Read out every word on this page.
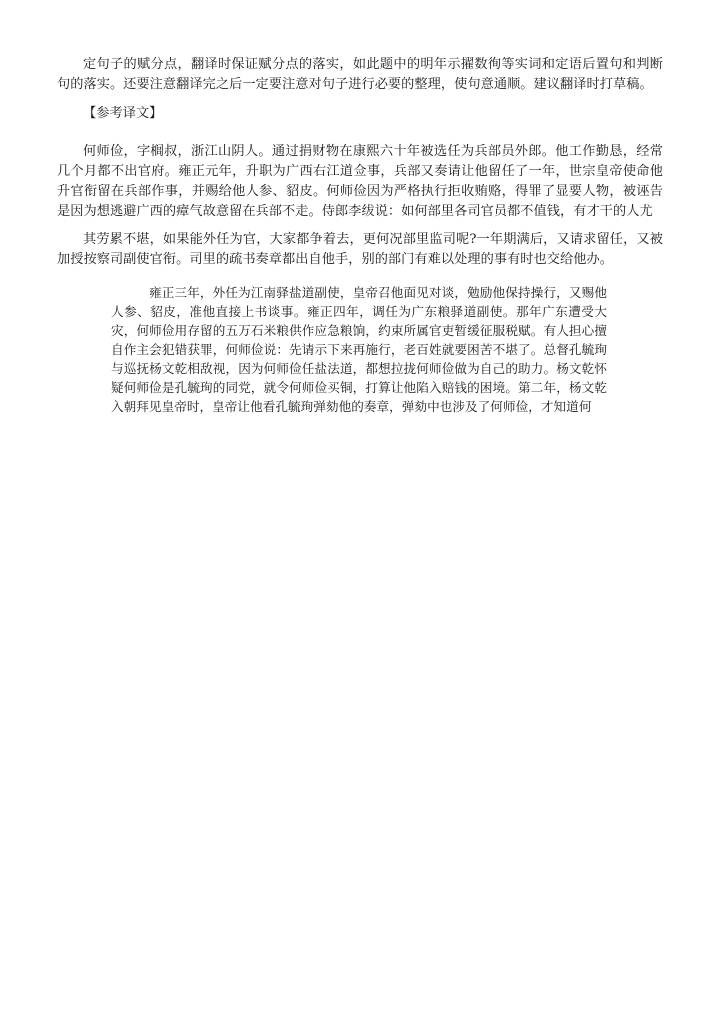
定句子的赋分点，翻译时保证赋分点的落实，如此题中的明年示擢数徇等实词和定语后置句和判断句的落实。还要注意翻译完之后一定要注意对句子进行必要的整理，使句意通顺。建议翻译时打草稿。

【参考译文】

何师俭，字榈叔，浙江山阴人。通过捐财物在康熙六十年被选任为兵部员外郎。他工作勤恳，经常几个月都不出官府。雍正元年，升职为广西右江道佥事，兵部又奏请让他留任了一年，世宗皇帝使命他升官衔留在兵部作事，并赐给他人参、貂皮。何师俭因为严格执行拒收贿赂，得罪了显要人物，被诬告是因为想逃避广西的瘴气故意留在兵部不走。侍郎李绂说：如何部里各司官员都不值钱，有才干的人尤

其劳累不堪，如果能外任为官，大家都争着去，更何况部里监司呢?一年期满后，又请求留任，又被加授按察司副使官衔。司里的疏书奏章都出自他手，别的部门有难以处理的事有时也交给他办。

雍正三年，外任为江南驿盐道副使，皇帝召他面见对谈，勉励他保持操行，又赐他人参、貂皮，准他直接上书谈事。雍正四年，调任为广东粮驿道副使。那年广东遭受大灾，何师俭用存留的五万石米粮供作应急粮饷，约束所属官吏暂缓征服税赋。有人担心擅自作主会犯错获罪，何师俭说：先请示下来再施行，老百姓就要困苦不堪了。总督孔毓珣与巡抚杨文乾相敌视，因为何师俭任盐法道，都想拉拢何师俭做为自己的助力。杨文乾怀疑何师俭是孔毓珣的同党，就令何师俭买铜，打算让他陷入赔钱的困境。第二年，杨文乾入朝拜见皇帝时，皇帝让他看孔毓珣弹劾他的奏章，弹劾中也涉及了何师俭，才知道何
